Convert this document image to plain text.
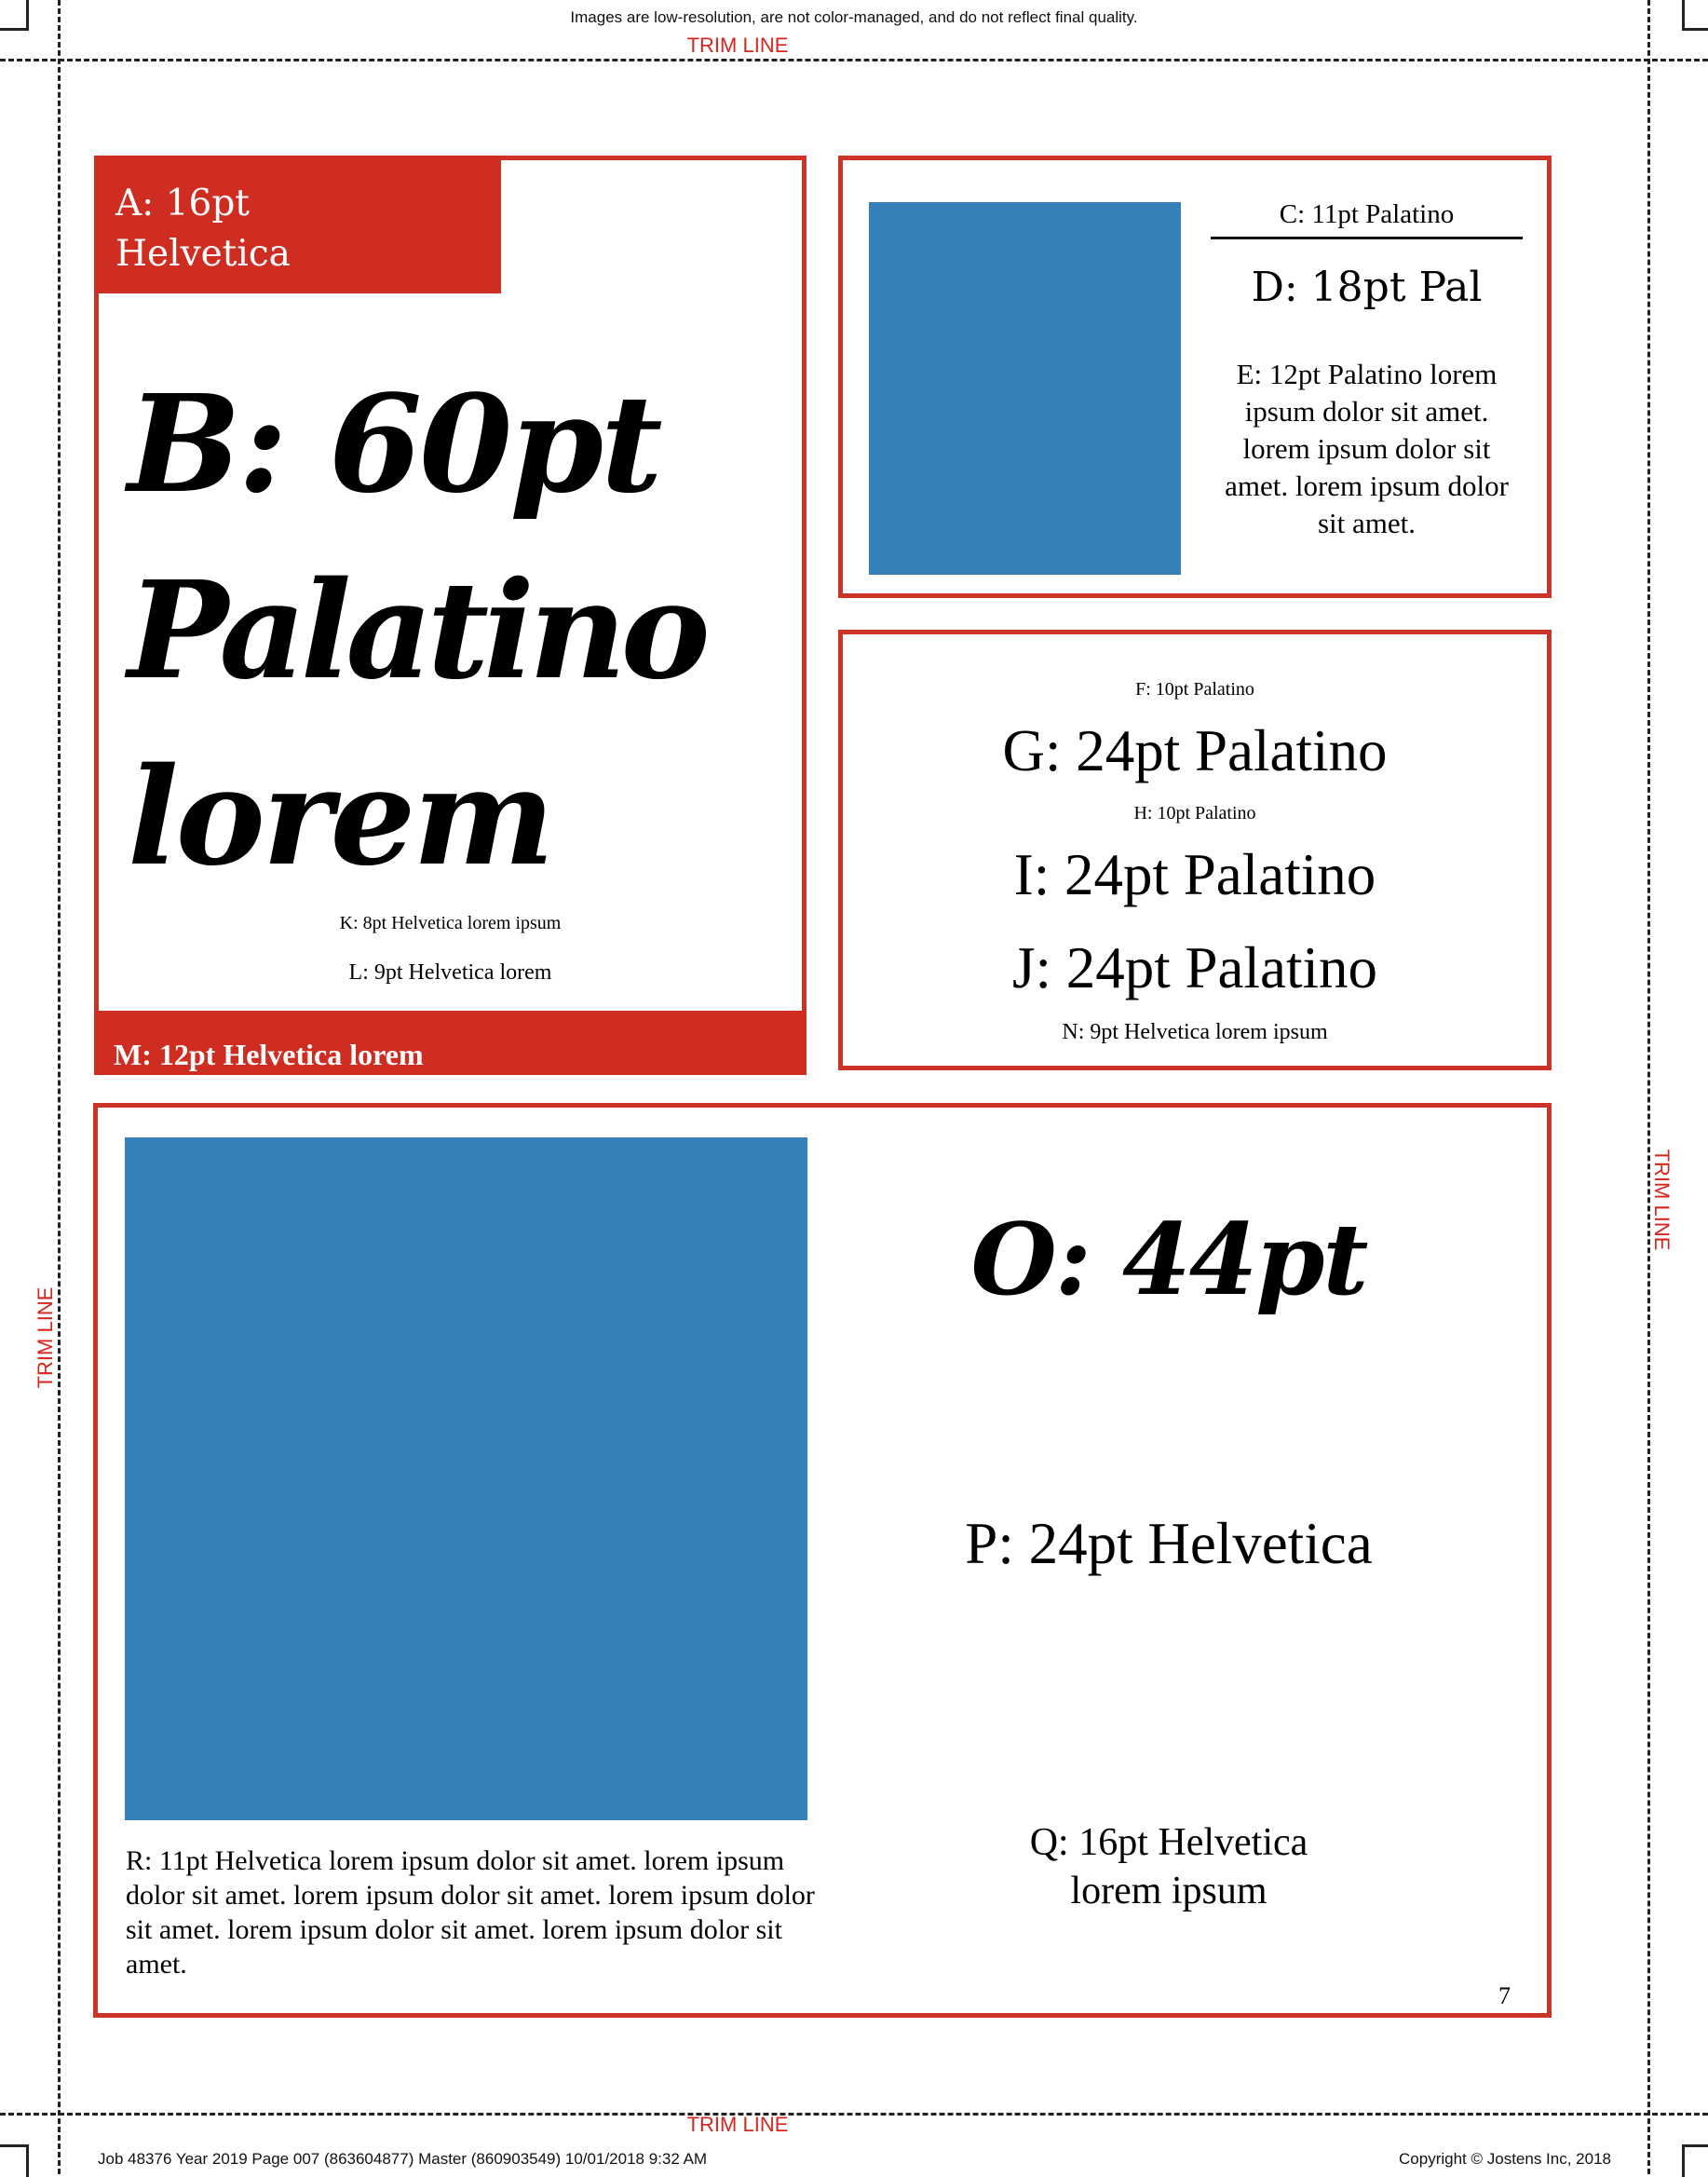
Images are low-resolution, are not color-managed, and do not reflect final quality.
TRIM LINE
TRIM LINE
TRIM LINE
TRIM LINE
A: 16pt Helvetica
B: 60pt
Palatino
lorem
K: 8pt Helvetica lorem ipsum
L: 9pt Helvetica lorem
M: 12pt Helvetica lorem
C: 11pt Palatino
D: 18pt Pal
E: 12pt Palatino lorem ipsum dolor sit amet. lorem ipsum dolor sit amet. lorem ipsum dolor sit amet.
F: 10pt Palatino
G: 24pt Palatino
H: 10pt Palatino
I: 24pt Palatino
J: 24pt Palatino
N: 9pt Helvetica lorem ipsum
O: 44pt
P: 24pt Helvetica
Q: 16pt Helvetica
lorem ipsum
R: 11pt Helvetica lorem ipsum dolor sit amet. lorem ipsum dolor sit amet. lorem ipsum dolor sit amet. lorem ipsum dolor sit amet. lorem ipsum dolor sit amet. lorem ipsum dolor sit amet.
7
Job 48376 Year 2019 Page 007 (863604877) Master (860903549) 10/01/2018 9:32 AM	Copyright © Jostens Inc, 2018
